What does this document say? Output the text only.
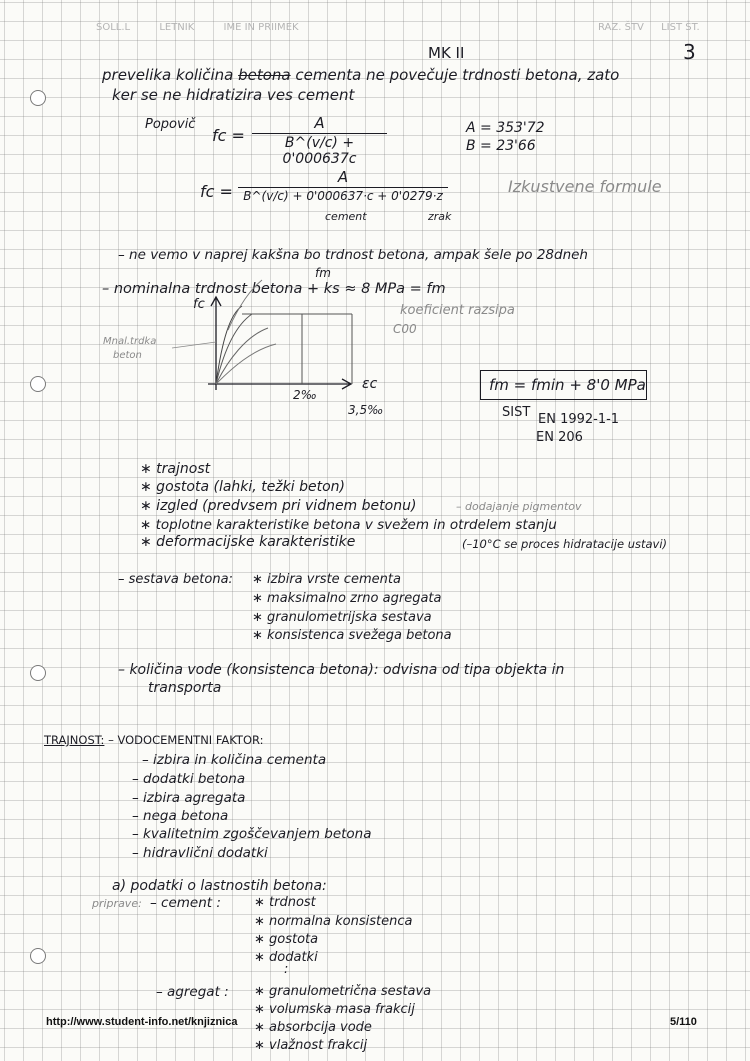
ŠOLL.L	LETNIK	IME IN PRIIMEK	RAZ. ŠTV LIST ŠT.
MK II	3
prevelika količina betona cementa ne povečuje trdnosti betona, zato
ker se ne hidratizira ves cement
Popovič
fc =
A
B^(v/c) + 0'000637c
A = 353'72
B = 23'66
fc =
A
B^(v/c) + 0'000637·c + 0'0279·z
cement	zrak
Izkustvene formule
– ne vemo v naprej kakšna bo trdnost betona, ampak šele po 28dneh
fm
– nominalna trdnost betona + ks ≈ 8 MPa = fm
koeficient razsipa
C00
fc
εc
Mnal.trdka
beton
2‰
3,5‰
fm = fmin + 8'0 MPa
SIST EN 1992-1-1
EN 206
∗ trajnost
∗ gostota (lahki, težki beton)
∗ izgled (predvsem pri vidnem betonu)	– dodajanje pigmentov
∗ toplotne karakteristike betona v svežem in otrdelem stanju
∗ deformacijske karakteristike	(–10°C se proces hidratacije ustavi)
– sestava betona: ∗ izbira vrste cementa
∗ maksimalno zrno agregata
∗ granulometrijska sestava
∗ konsistenca svežega betona
– količina vode (konsistenca betona): odvisna od tipa objekta in
transporta
TRAJNOST: – VODOCEMENTNI FAKTOR:
– izbira in količina cementa
– dodatki betona
– izbira agregata
– nega betona
– kvalitetnim zgoščevanjem betona
– hidravlični dodatki
a) podatki o lastnostih betona:
priprave: – cement :	∗ trdnost
∗ normalna konsistenca
∗ gostota
∗ dodatki
:
– agregat : ∗ granulometrična sestava
∗ volumska masa frakcij
∗ absorbcija vode
∗ vlažnost frakcij
http://www.student-info.net/knjiznica	5/110
